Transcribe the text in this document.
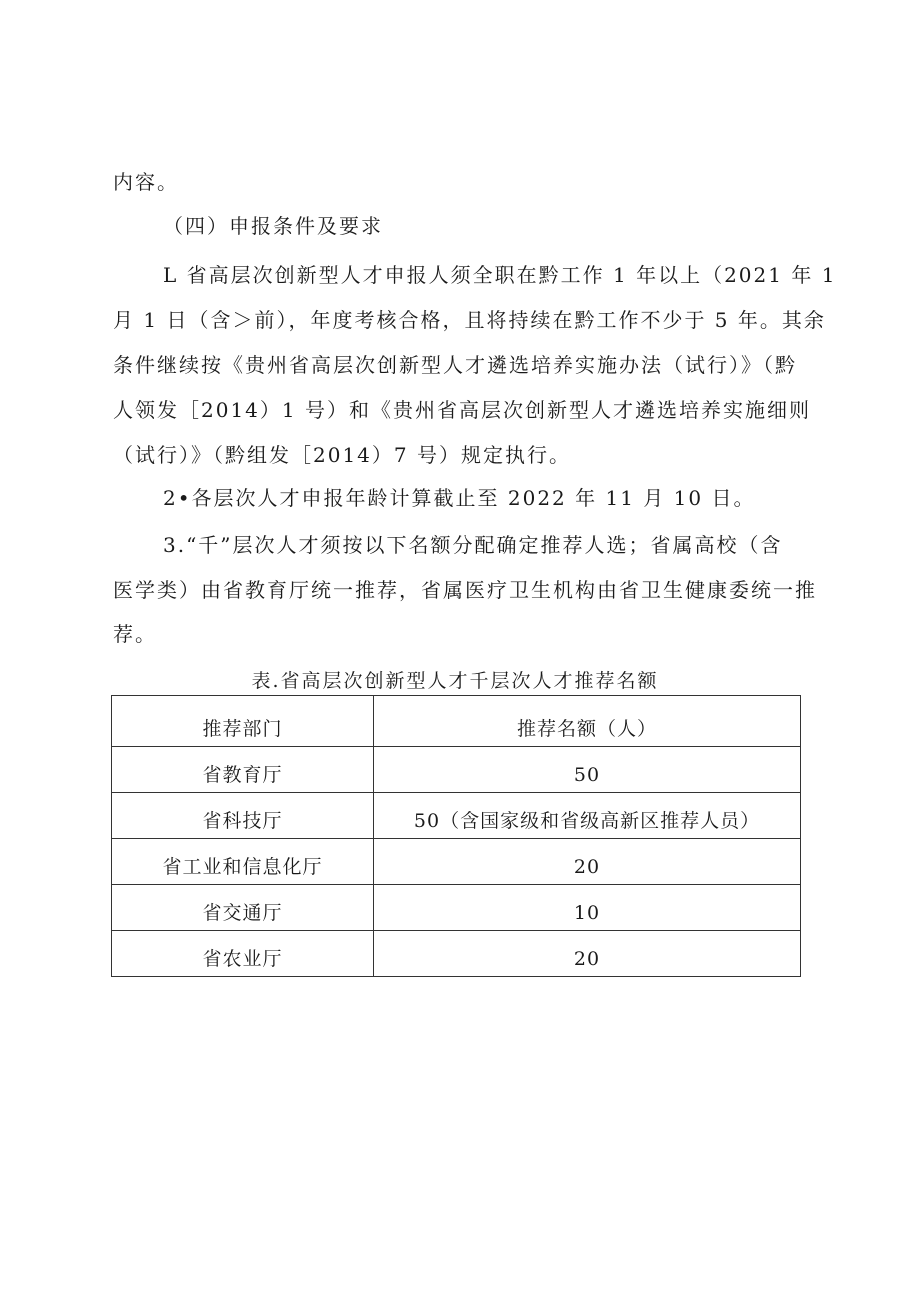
内容。
（四）申报条件及要求
L 省高层次创新型人才申报人须全职在黔工作 1 年以上（2021 年 1
月 1 日（含＞前），年度考核合格，且将持续在黔工作不少于 5 年。其余
条件继续按《贵州省高层次创新型人才遴选培养实施办法（试行）》（黔
人领发［2014）1 号）和《贵州省高层次创新型人才遴选培养实施细则
（试行）》（黔组发［2014）7 号）规定执行。
2•各层次人才申报年龄计算截止至 2022 年 11 月 10 日。
3.“千”层次人才须按以下名额分配确定推荐人选；省属高校（含
医学类）由省教育厅统一推荐，省属医疗卫生机构由省卫生健康委统一推
荐。
表.省高层次创新型人才千层次人才推荐名额
推荐部门	推荐名额（人）
省教育厅	50
省科技厅	50（含国家级和省级高新区推荐人员）
省工业和信息化厅	20
省交通厅	10
省农业厅	20
